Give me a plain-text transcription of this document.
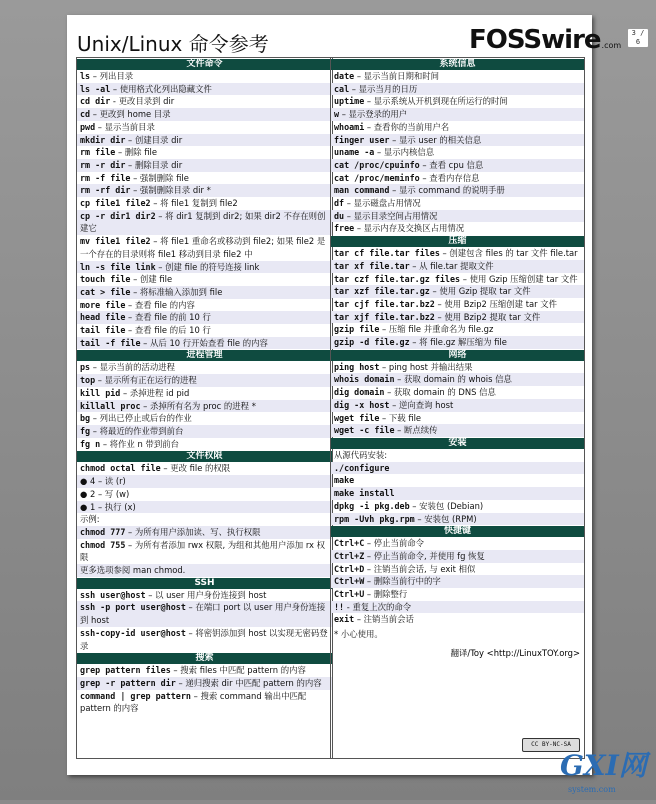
3 / 6
Unix/Linux 命令参考	FOSSwire.com
文件命令
ls – 列出目录
ls -al – 使用格式化列出隐藏文件
cd dir - 更改目录到 dir
cd – 更改到 home 目录
pwd – 显示当前目录
mkdir dir – 创建目录 dir
rm file – 删除 file
rm -r dir – 删除目录 dir
rm -f file – 强制删除 file
rm -rf dir – 强制删除目录 dir *
cp file1 file2 – 将 file1 复制到 file2
cp -r dir1 dir2 – 将 dir1 复制到 dir2; 如果 dir2 不存在则创建它
mv file1 file2 – 将 file1 重命名或移动到 file2; 如果 file2 是一个存在的目录则将 file1 移动到目录 file2 中
ln -s file link – 创建 file 的符号连接 link
touch file – 创建 file
cat > file – 将标准输入添加到 file
more file – 查看 file 的内容
head file – 查看 file 的前 10 行
tail file – 查看 file 的后 10 行
tail -f file – 从后 10 行开始查看 file 的内容
进程管理
ps – 显示当前的活动进程
top – 显示所有正在运行的进程
kill pid – 杀掉进程 id pid
killall proc – 杀掉所有名为 proc 的进程 *
bg – 列出已停止或后台的作业
fg – 将最近的作业带到前台
fg n – 将作业 n 带到前台
文件权限
chmod octal file – 更改 file 的权限
● 4 – 读 (r)
● 2 – 写 (w)
● 1 – 执行 (x)
示例:
chmod 777 – 为所有用户添加读、写、执行权限
chmod 755 – 为所有者添加 rwx 权限, 为组和其他用户添加 rx 权限
更多选项参阅 man chmod.
SSH
ssh user@host – 以 user 用户身份连接到 host
ssh -p port user@host – 在端口 port 以 user 用户身份连接到 host
ssh-copy-id user@host – 将密钥添加到 host 以实现无密码登录
搜索
grep pattern files – 搜索 files 中匹配 pattern 的内容
grep -r pattern dir – 递归搜索 dir 中匹配 pattern 的内容
command | grep pattern – 搜索 command 输出中匹配 pattern 的内容
系统信息
date – 显示当前日期和时间
cal – 显示当月的日历
uptime – 显示系统从开机到现在所运行的时间
w – 显示登录的用户
whoami – 查看你的当前用户名
finger user – 显示 user 的相关信息
uname -a – 显示内核信息
cat /proc/cpuinfo – 查看 cpu 信息
cat /proc/meminfo – 查看内存信息
man command – 显示 command 的说明手册
df – 显示磁盘占用情况
du – 显示目录空间占用情况
free – 显示内存及交换区占用情况
压缩
tar cf file.tar files – 创建包含 files 的 tar 文件 file.tar
tar xf file.tar – 从 file.tar 提取文件
tar czf file.tar.gz files – 使用 Gzip 压缩创建 tar 文件
tar xzf file.tar.gz – 使用 Gzip 提取 tar 文件
tar cjf file.tar.bz2 – 使用 Bzip2 压缩创建 tar 文件
tar xjf file.tar.bz2 – 使用 Bzip2 提取 tar 文件
gzip file – 压缩 file 并重命名为 file.gz
gzip -d file.gz – 将 file.gz 解压缩为 file
网络
ping host – ping host 并输出结果
whois domain – 获取 domain 的 whois 信息
dig domain – 获取 domain 的 DNS 信息
dig -x host – 逆向查询 host
wget file – 下载 file
wget -c file – 断点续传
安装
从源代码安装:
./configure
make
make install
dpkg -i pkg.deb – 安装包 (Debian)
rpm -Uvh pkg.rpm – 安装包 (RPM)
快捷键
Ctrl+C – 停止当前命令
Ctrl+Z – 停止当前命令, 并使用 fg 恢复
Ctrl+D – 注销当前会话, 与 exit 相似
Ctrl+W – 删除当前行中的字
Ctrl+U – 删除整行
!! - 重复上次的命令
exit – 注销当前会话
* 小心使用。
翻译/Toy <http://LinuxTOY.org>
CC BY-NC-SA
GXI网
system.com
